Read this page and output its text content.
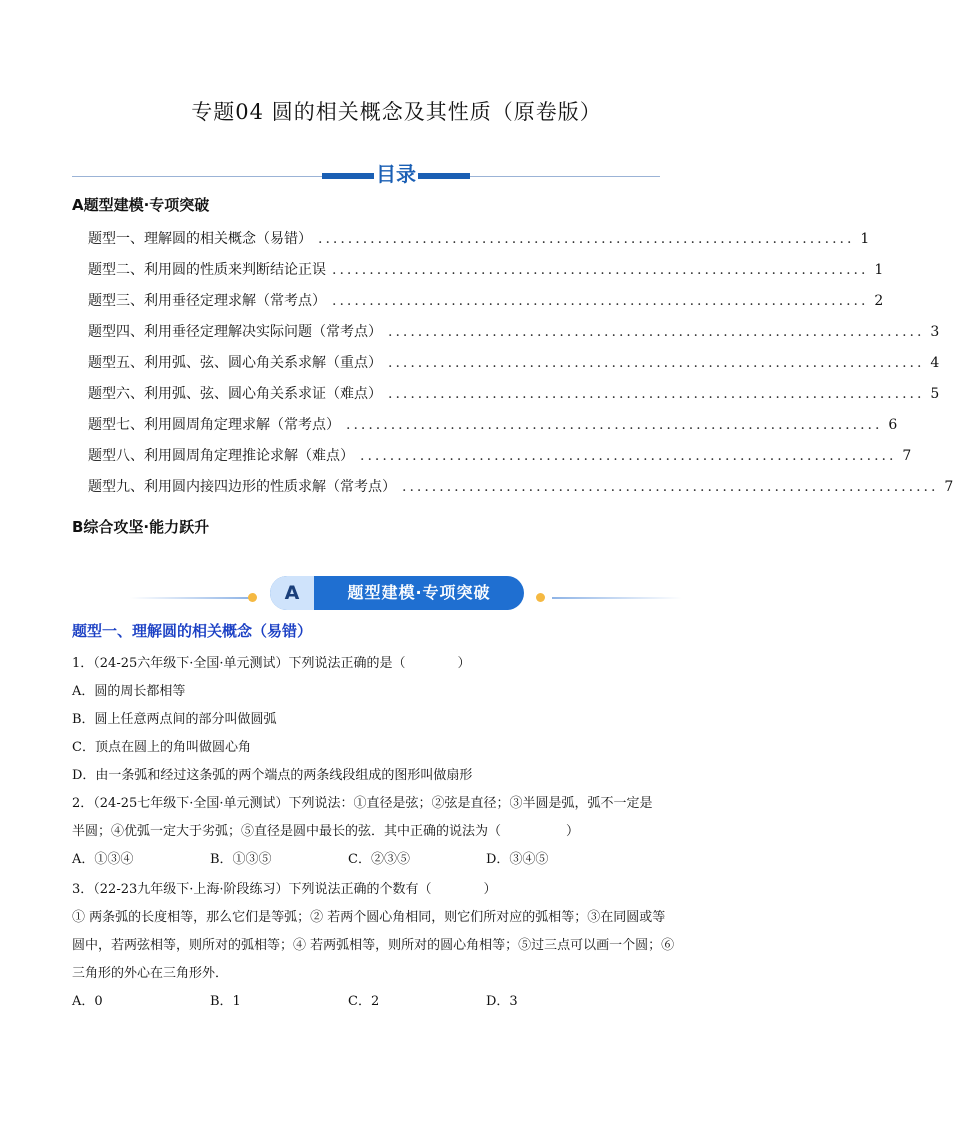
专题04 圆的相关概念及其性质（原卷版）
目录
A题型建模·专项突破
题型一、理解圆的相关概念（易错） ........................................................................ 1
题型二、利用圆的性质来判断结论正误 ........................................................................ 1
题型三、利用垂径定理求解（常考点） ........................................................................ 2
题型四、利用垂径定理解决实际问题（常考点） ........................................................................ 3
题型五、利用弧、弦、圆心角关系求解（重点） ........................................................................ 4
题型六、利用弧、弦、圆心角关系求证（难点） ........................................................................ 5
题型七、利用圆周角定理求解（常考点） ........................................................................ 6
题型八、利用圆周角定理推论求解（难点） ........................................................................ 7
题型九、利用圆内接四边形的性质求解（常考点） ........................................................................ 7
B综合攻坚·能力跃升
A	题型建模·专项突破
题型一、理解圆的相关概念（易错）
1．（24-25六年级下·全国·单元测试）下列说法正确的是（　　　　）
A．圆的周长都相等
B．圆上任意两点间的部分叫做圆弧
C．顶点在圆上的角叫做圆心角
D．由一条弧和经过这条弧的两个端点的两条线段组成的图形叫做扇形
2．（24-25七年级下·全国·单元测试）下列说法：①直径是弦；②弦是直径；③半圆是弧，弧不一定是
半圆；④优弧一定大于劣弧；⑤直径是圆中最长的弦．其中正确的说法为（　　　　　）
A．①③④	B．①③⑤	C．②③⑤	D．③④⑤
3．（22-23九年级下·上海·阶段练习）下列说法正确的个数有（　　　　）
① 两条弧的长度相等，那么它们是等弧；② 若两个圆心角相同，则它们所对应的弧相等；③在同圆或等
圆中，若两弦相等，则所对的弧相等；④ 若两弧相等，则所对的圆心角相等；⑤过三点可以画一个圆；⑥
三角形的外心在三角形外．
A．0	B．1	C．2	D．3
